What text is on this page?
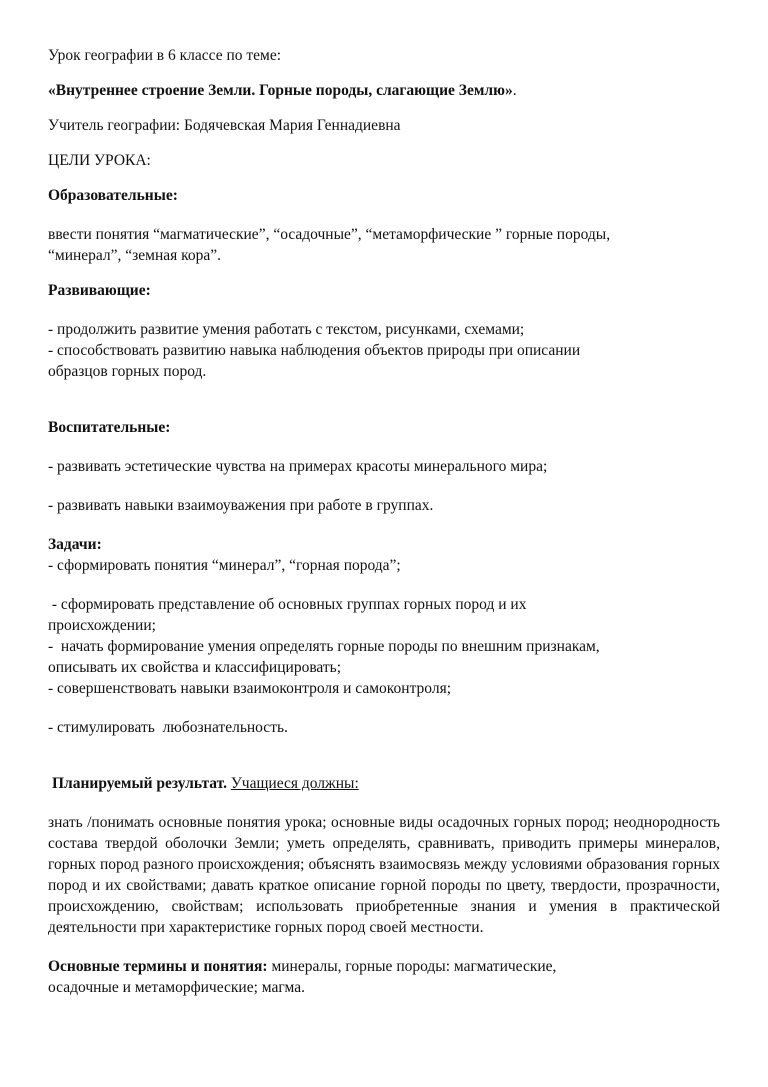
Урок географии в 6 классе по теме:

«Внутреннее строение Земли. Горные породы, слагающие Землю».

Учитель географии: Бодячевская Мария Геннадиевна

ЦЕЛИ УРОКА:

Образовательные:

ввести понятия “магматические”, “осадочные”, “метаморфические ” горные породы,

“минерал”, “земная кора”.

Развивающие:

- продолжить развитие умения работать с текстом, рисунками, схемами;

- способствовать развитию навыка наблюдения объектов природы при описании

образцов горных пород.

Воспитательные:

- развивать эстетические чувства на примерах красоты минерального мира;

- развивать навыки взаимоуважения при работе в группах.

Задачи:

- сформировать понятия “минерал”, “горная порода”;

- сформировать представление об основных группах горных пород и их

происхождении;

-  начать формирование умения определять горные породы по внешним признакам,

описывать их свойства и классифицировать;

- совершенствовать навыки взаимоконтроля и самоконтроля;

- стимулировать  любознательность.

Планируемый результат. Учащиеся должны:

знать /понимать основные понятия урока; основные виды осадочных горных пород; неоднородность состава твердой оболочки Земли; уметь определять, сравнивать, приводить примеры минералов, горных пород разного происхождения; объяснять взаимосвязь между условиями образования горных пород и их свойствами; давать краткое описание горной породы по цвету, твердости, прозрачности, происхождению, свойствам; использовать приобретенные знания и умения в практической деятельности при характеристике горных пород своей местности.

Основные термины и понятия: минералы, горные породы: магматические,

осадочные и метаморфические; магма.
